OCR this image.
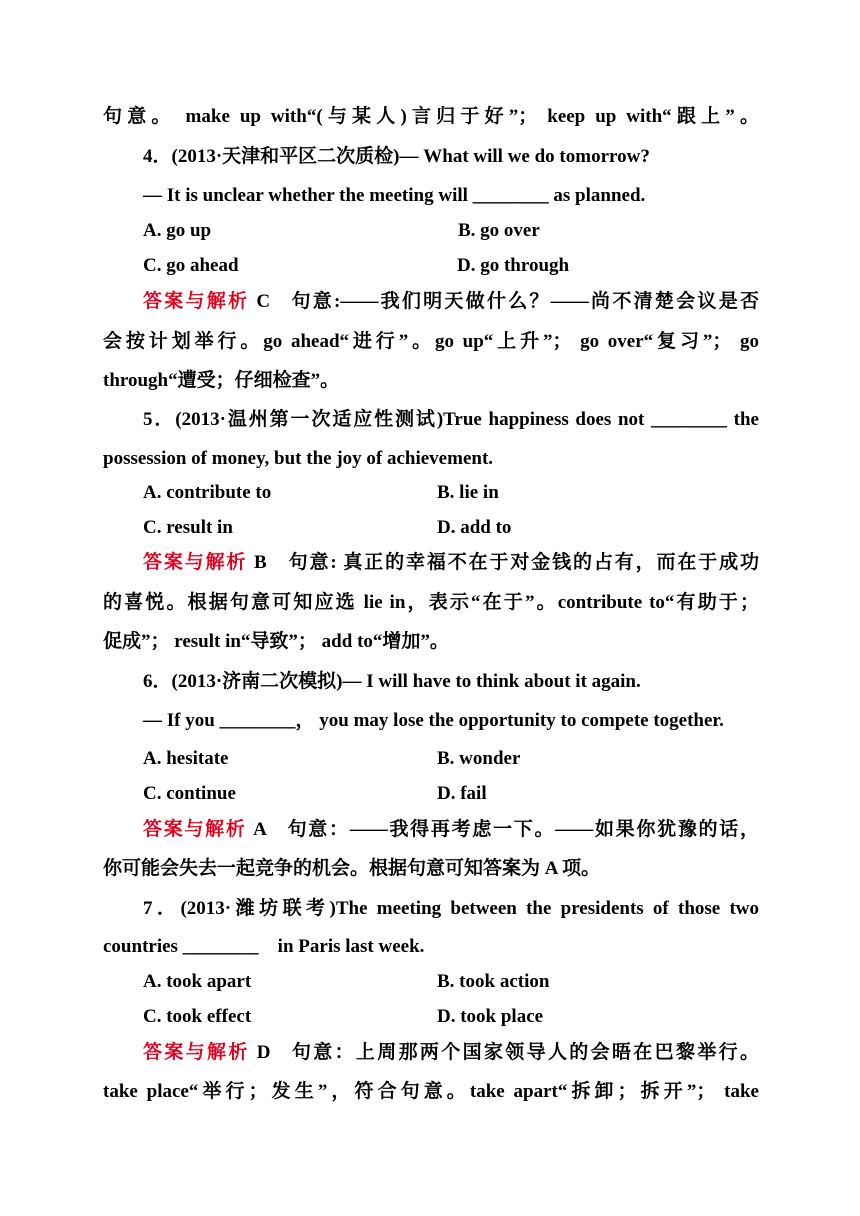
句意。 make up with“(与某人)言归于好”； keep up with“跟上”。
4．(2013·天津和平区二次质检)— What will we do tomorrow?
— It is unclear whether the meeting will ________ as planned.
A. go up	B. go over
C. go ahead	D. go through
答案与解析 C 句意:——我们明天做什么？——尚不清楚会议是否
会按计划举行。go ahead“进行”。go up“上升”； go over“复习”； go
through“遭受；仔细检查”。
5．(2013·温州第一次适应性测试)True happiness does not ________ the
possession of money, but the joy of achievement.
A. contribute to	B. lie in
C. result in	D. add to
答案与解析 B 句意: 真正的幸福不在于对金钱的占有，而在于成功
的喜悦。根据句意可知应选 lie in，表示“在于”。contribute to“有助于；
促成”； result in“导致”； add to“增加”。
6．(2013·济南二次模拟)— I will have to think about it again.
— If you ________， you may lose the opportunity to compete together.
A. hesitate	B. wonder
C. continue	D. fail
答案与解析 A 句意：——我得再考虑一下。——如果你犹豫的话，
你可能会失去一起竞争的机会。根据句意可知答案为 A 项。
7．(2013·潍坊联考)The meeting between the presidents of those two
countries ________    in Paris last week.
A. took apart	B. took action
C. took effect	D. took place
答案与解析 D 句意：上周那两个国家领导人的会晤在巴黎举行。
take place“举行；发生”，符合句意。take apart“拆卸；拆开”； take
